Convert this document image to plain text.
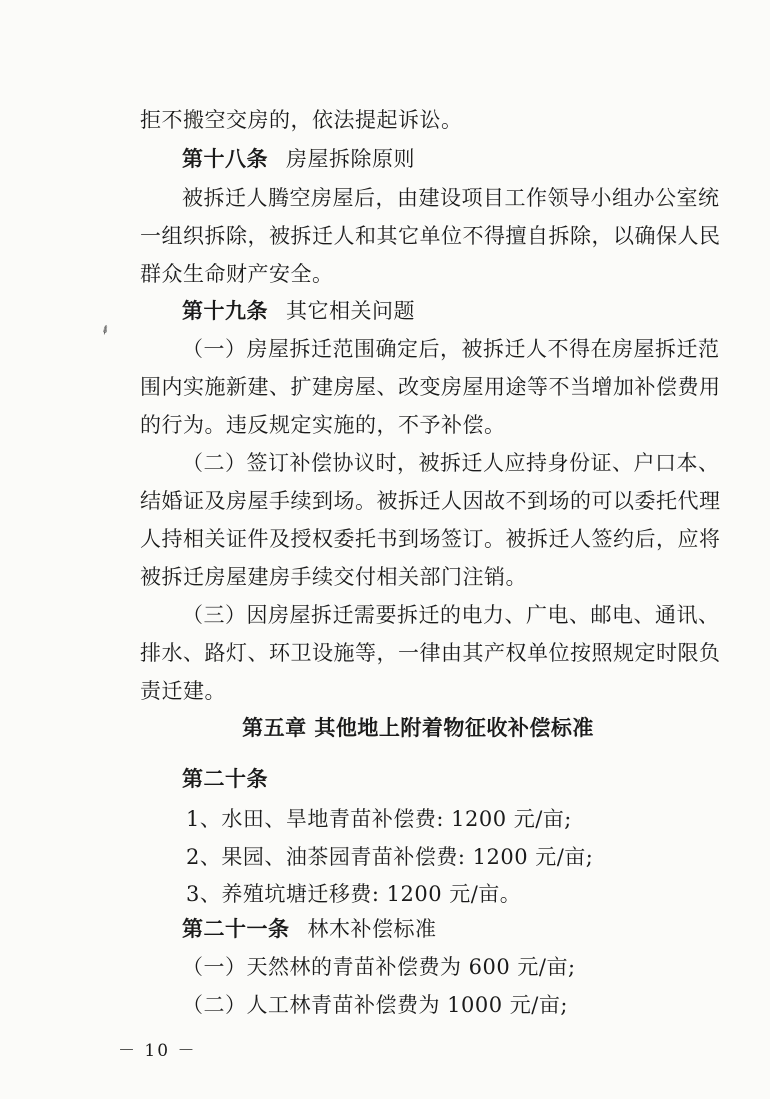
拒不搬空交房的，依法提起诉讼。
第十八条 房屋拆除原则
被拆迁人腾空房屋后，由建设项目工作领导小组办公室统
一组织拆除，被拆迁人和其它单位不得擅自拆除，以确保人民
群众生命财产安全。
第十九条 其它相关问题
⸙
（一）房屋拆迁范围确定后，被拆迁人不得在房屋拆迁范
围内实施新建、扩建房屋、改变房屋用途等不当增加补偿费用
的行为。违反规定实施的，不予补偿。
（二）签订补偿协议时，被拆迁人应持身份证、户口本、
结婚证及房屋手续到场。被拆迁人因故不到场的可以委托代理
人持相关证件及授权委托书到场签订。被拆迁人签约后，应将
被拆迁房屋建房手续交付相关部门注销。
（三）因房屋拆迁需要拆迁的电力、广电、邮电、通讯、
排水、路灯、环卫设施等，一律由其产权单位按照规定时限负
责迁建。
第五章 其他地上附着物征收补偿标准
第二十条
1、水田、旱地青苗补偿费: 1200 元/亩;
2、果园、油茶园青苗补偿费: 1200 元/亩;
3、养殖坑塘迁移费: 1200 元/亩。
第二十一条 林木补偿标准
（一）天然林的青苗补偿费为 600 元/亩;
（二）人工林青苗补偿费为 1000 元/亩;
－ 10 －
